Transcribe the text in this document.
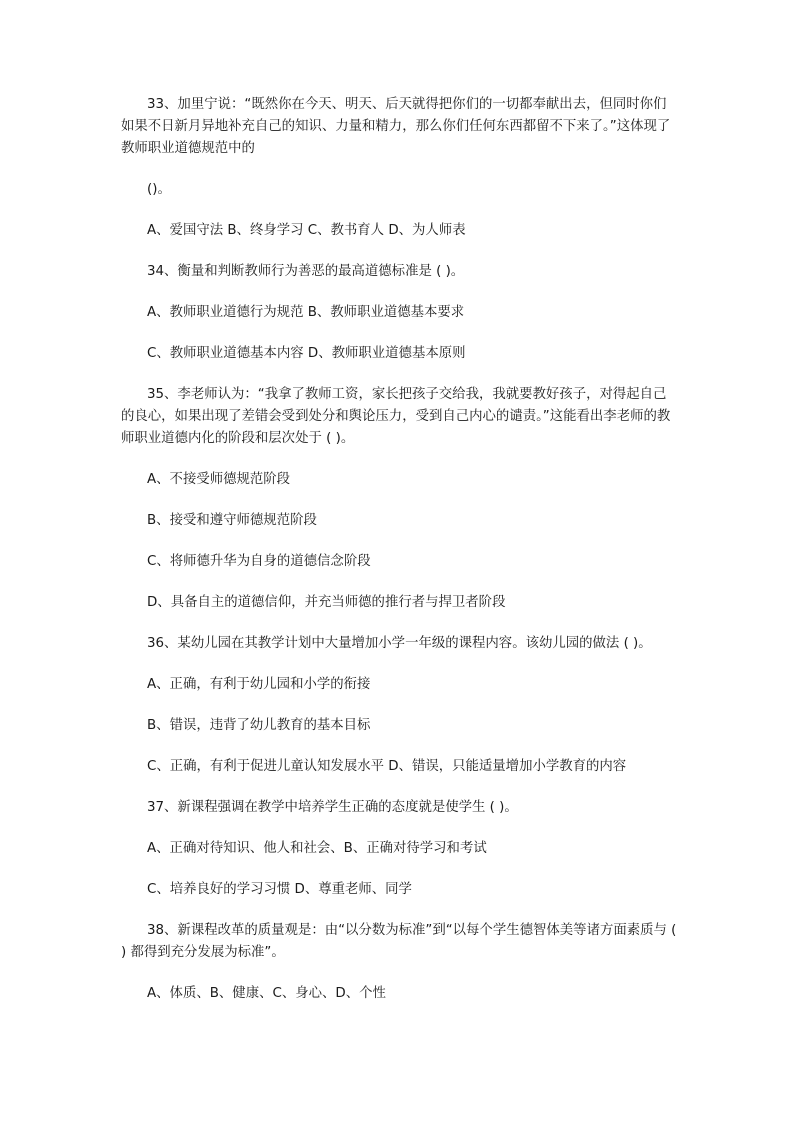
33、加里宁说：“既然你在今天、明天、后天就得把你们的一切都奉献出去，但同时你们如果不日新月异地补充自己的知识、力量和精力，那么你们任何东西都留不下来了。”这体现了教师职业道德规范中的

()。

A、爱国守法 B、终身学习 C、教书育人 D、为人师表

34、衡量和判断教师行为善恶的最高道德标准是 ( )。

A、教师职业道德行为规范 B、教师职业道德基本要求

C、教师职业道德基本内容 D、教师职业道德基本原则

35、李老师认为：“我拿了教师工资，家长把孩子交给我，我就要教好孩子，对得起自己的良心，如果出现了差错会受到处分和舆论压力，受到自己内心的谴责。”这能看出李老师的教师职业道德内化的阶段和层次处于 ( )。

A、不接受师德规范阶段

B、接受和遵守师德规范阶段

C、将师德升华为自身的道德信念阶段

D、具备自主的道德信仰，并充当师德的推行者与捍卫者阶段

36、某幼儿园在其教学计划中大量增加小学一年级的课程内容。该幼儿园的做法 ( )。

A、正确，有利于幼儿园和小学的衔接

B、错误，违背了幼儿教育的基本目标

C、正确，有利于促进儿童认知发展水平 D、错误，只能适量增加小学教育的内容

37、新课程强调在教学中培养学生正确的态度就是使学生 ( )。

A、正确对待知识、他人和社会、B、正确对待学习和考试

C、培养良好的学习习惯 D、尊重老师、同学

38、新课程改革的质量观是：由“以分数为标准”到“以每个学生德智体美等诸方面素质与 ( ) 都得到充分发展为标准”。

A、体质、B、健康、C、身心、D、个性
